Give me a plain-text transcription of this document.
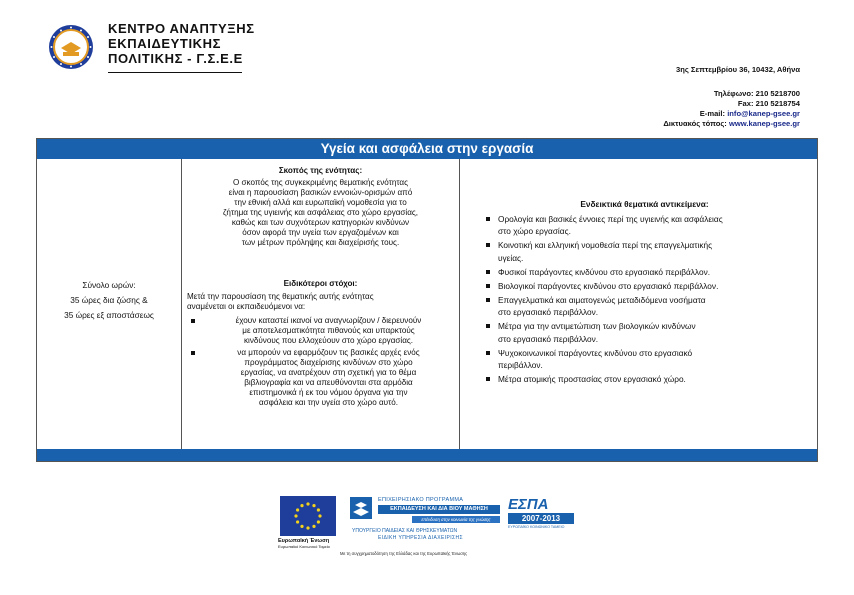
ΚΕΝΤΡΟ ΑΝΑΠΤΥΞΗΣ
ΕΚΠΑΙΔΕΥΤΙΚΗΣ
ΠΟΛΙΤΙΚΗΣ - Γ.Σ.Ε.Ε
3ης Σεπτεμβρίου 36, 10432, Αθήνα
Τηλέφωνο: 210 5218700
Fax: 210 5218754
E-mail: info@kanep-gsee.gr
Δικτυακός τόπος: www.kanep-gsee.gr
Υγεία και ασφάλεια στην εργασία
Σύνολο ωρών:
35 ώρες δια ζώσης &
35 ώρες εξ αποστάσεως
Σκοπός της ενότητας:
Ο σκοπός της συγκεκριμένης θεματικής ενότητας
είναι η παρουσίαση βασικών εννοιών-ορισμών από
την εθνική αλλά και ευρωπαϊκή νομοθεσία για το
ζήτημα της υγιεινής και ασφάλειας στο χώρο εργασίας,
καθώς και των συχνότερων κατηγοριών κινδύνων
όσον αφορά την υγεία των εργαζομένων και
των μέτρων πρόληψης και διαχείρισής τους.
Ειδικότεροι στόχοι:
Μετά την παρουσίαση της θεματικής αυτής ενότητας
αναμένεται οι εκπαιδευόμενοι να:
έχουν καταστεί ικανοί να αναγνωρίζουν / διερευνούν
με αποτελεσματικότητα πιθανούς και υπαρκτούς
κινδύνους που ελλοχεύουν στο χώρο εργασίας.
να μπορούν να εφαρμόζουν τις βασικές αρχές ενός
προγράμματος διαχείρισης κινδύνων στο χώρο
εργασίας, να ανατρέχουν στη σχετική για το θέμα
βιβλιογραφία και να απευθύνονται στα αρμόδια
επιστημονικά ή εκ του νόμου όργανα για την
ασφάλεια και την υγεία στο χώρο αυτό.
Ενδεικτικά θεματικά αντικείμενα:
Ορολογία και βασικές έννοιες περί της υγιεινής και ασφάλειας
στο χώρο εργασίας.
Κοινοτική και ελληνική νομοθεσία περί της επαγγελματικής
υγείας.
Φυσικοί παράγοντες κινδύνου στο εργασιακό περιβάλλον.
Βιολογικοί παράγοντες κινδύνου στο εργασιακό περιβάλλον.
Επαγγελματικά και αιματογενώς μεταδιδόμενα νοσήματα
στο εργασιακό περιβάλλον.
Μέτρα για την αντιμετώπιση των βιολογικών κινδύνων
στο εργασιακό περιβάλλον.
Ψυχοκοινωνικοί παράγοντες κινδύνου στο εργασιακό
περιβάλλον.
Μέτρα ατομικής προστασίας στον εργασιακό χώρο.
Ευρωπαϊκή Ένωση
Ευρωπαϊκό Κοινωνικό Ταμείο
ΕΠΙΧΕΙΡΗΣΙΑΚΟ ΠΡΟΓΡΑΜΜΑ
ΕΚΠΑΙΔΕΥΣΗ ΚΑΙ ΔΙΑ ΒΙΟΥ ΜΑΘΗΣΗ
επένδυση στην κοινωνία της γνώσης
ΥΠΟΥΡΓΕΙΟ ΠΑΙΔΕΙΑΣ ΚΑΙ ΘΡΗΣΚΕΥΜΑΤΩΝ
ΕΙΔΙΚΗ ΥΠΗΡΕΣΙΑ ΔΙΑΧΕΙΡΙΣΗΣ
ΕΣΠΑ
2007-2013
ΕΥΡΩΠΑΪΚΟ ΚΟΙΝΩΝΙΚΟ ΤΑΜΕΙΟ
Με τη συγχρηματοδότηση της Ελλάδας και της Ευρωπαϊκής Ένωσης
